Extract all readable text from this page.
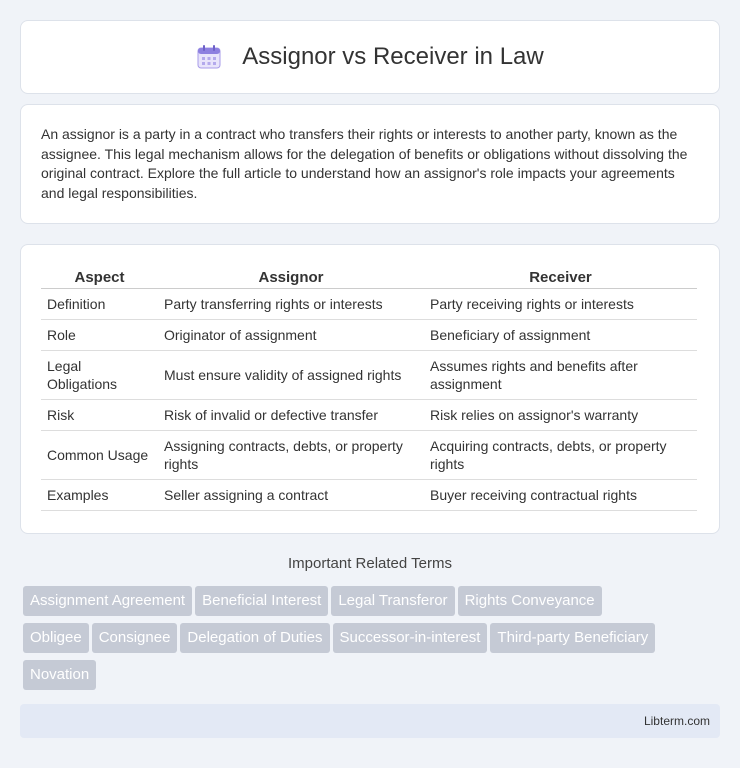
Assignor vs Receiver in Law

An assignor is a party in a contract who transfers their rights or interests to another party, known as the assignee. This legal mechanism allows for the delegation of benefits or obligations without dissolving the original contract. Explore the full article to understand how an assignor's role impacts your agreements and legal responsibilities.

Aspect	Assignor	Receiver
Definition	Party transferring rights or interests	Party receiving rights or interests
Role	Originator of assignment	Beneficiary of assignment
Legal Obligations	Must ensure validity of assigned rights	Assumes rights and benefits after assignment
Risk	Risk of invalid or defective transfer	Risk relies on assignor's warranty
Common Usage	Assigning contracts, debts, or property rights	Acquiring contracts, debts, or property rights
Examples	Seller assigning a contract	Buyer receiving contractual rights
Important Related Terms
Assignment Agreement Beneficial Interest Legal Transferor Rights Conveyance
Obligee Consignee Delegation of Duties Successor-in-interest Third-party Beneficiary
Novation
Libterm.com
